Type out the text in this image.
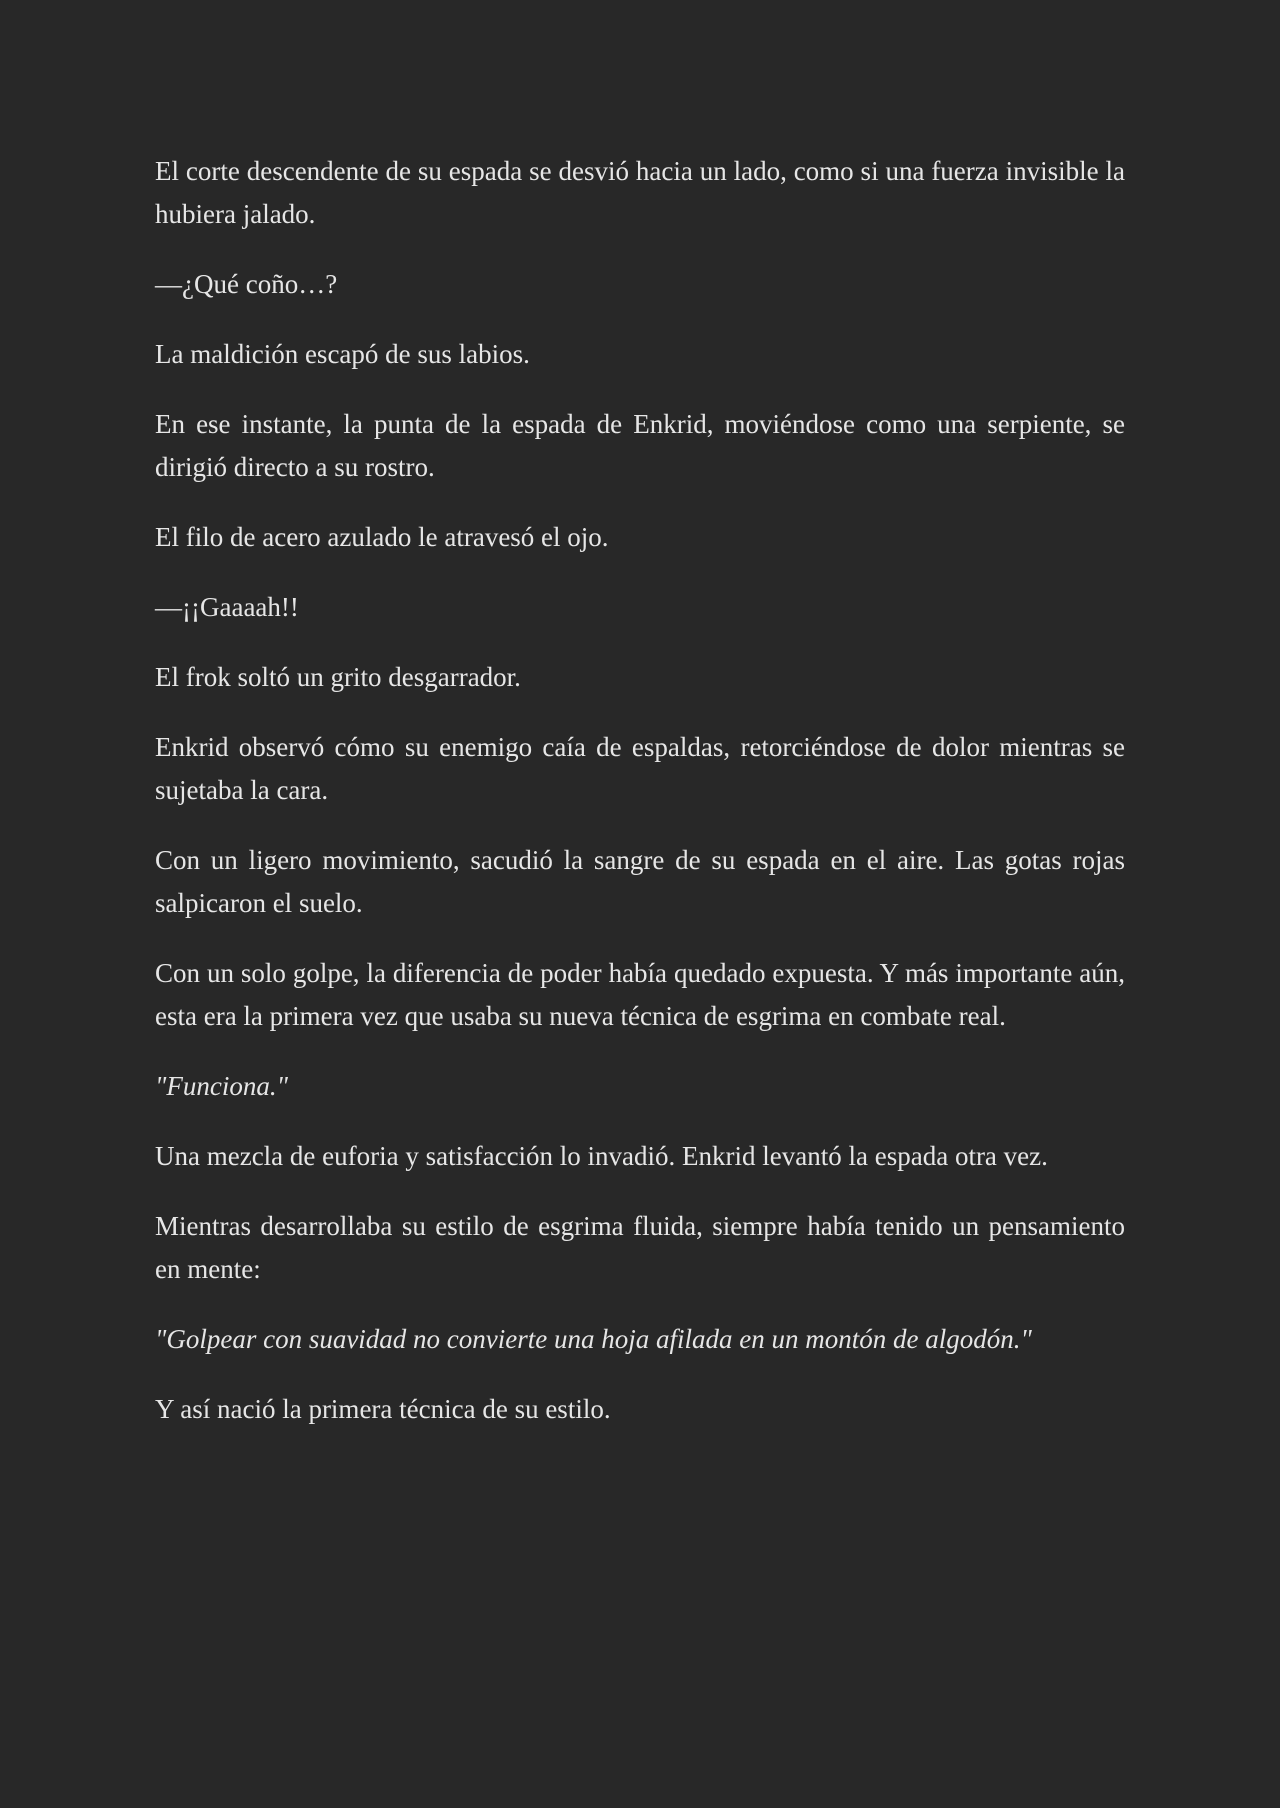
El corte descendente de su espada se desvió hacia un lado, como si una fuerza invisible la hubiera jalado.

—¿Qué coño…?

La maldición escapó de sus labios.

En ese instante, la punta de la espada de Enkrid, moviéndose como una serpiente, se dirigió directo a su rostro.

El filo de acero azulado le atravesó el ojo.

—¡¡Gaaaah!!

El frok soltó un grito desgarrador.

Enkrid observó cómo su enemigo caía de espaldas, retorciéndose de dolor mientras se sujetaba la cara.

Con un ligero movimiento, sacudió la sangre de su espada en el aire. Las gotas rojas salpicaron el suelo.

Con un solo golpe, la diferencia de poder había quedado expuesta. Y más importante aún, esta era la primera vez que usaba su nueva técnica de esgrima en combate real.

"Funciona."

Una mezcla de euforia y satisfacción lo invadió. Enkrid levantó la espada otra vez.

Mientras desarrollaba su estilo de esgrima fluida, siempre había tenido un pensamiento en mente:

"Golpear con suavidad no convierte una hoja afilada en un montón de algodón."

Y así nació la primera técnica de su estilo.
